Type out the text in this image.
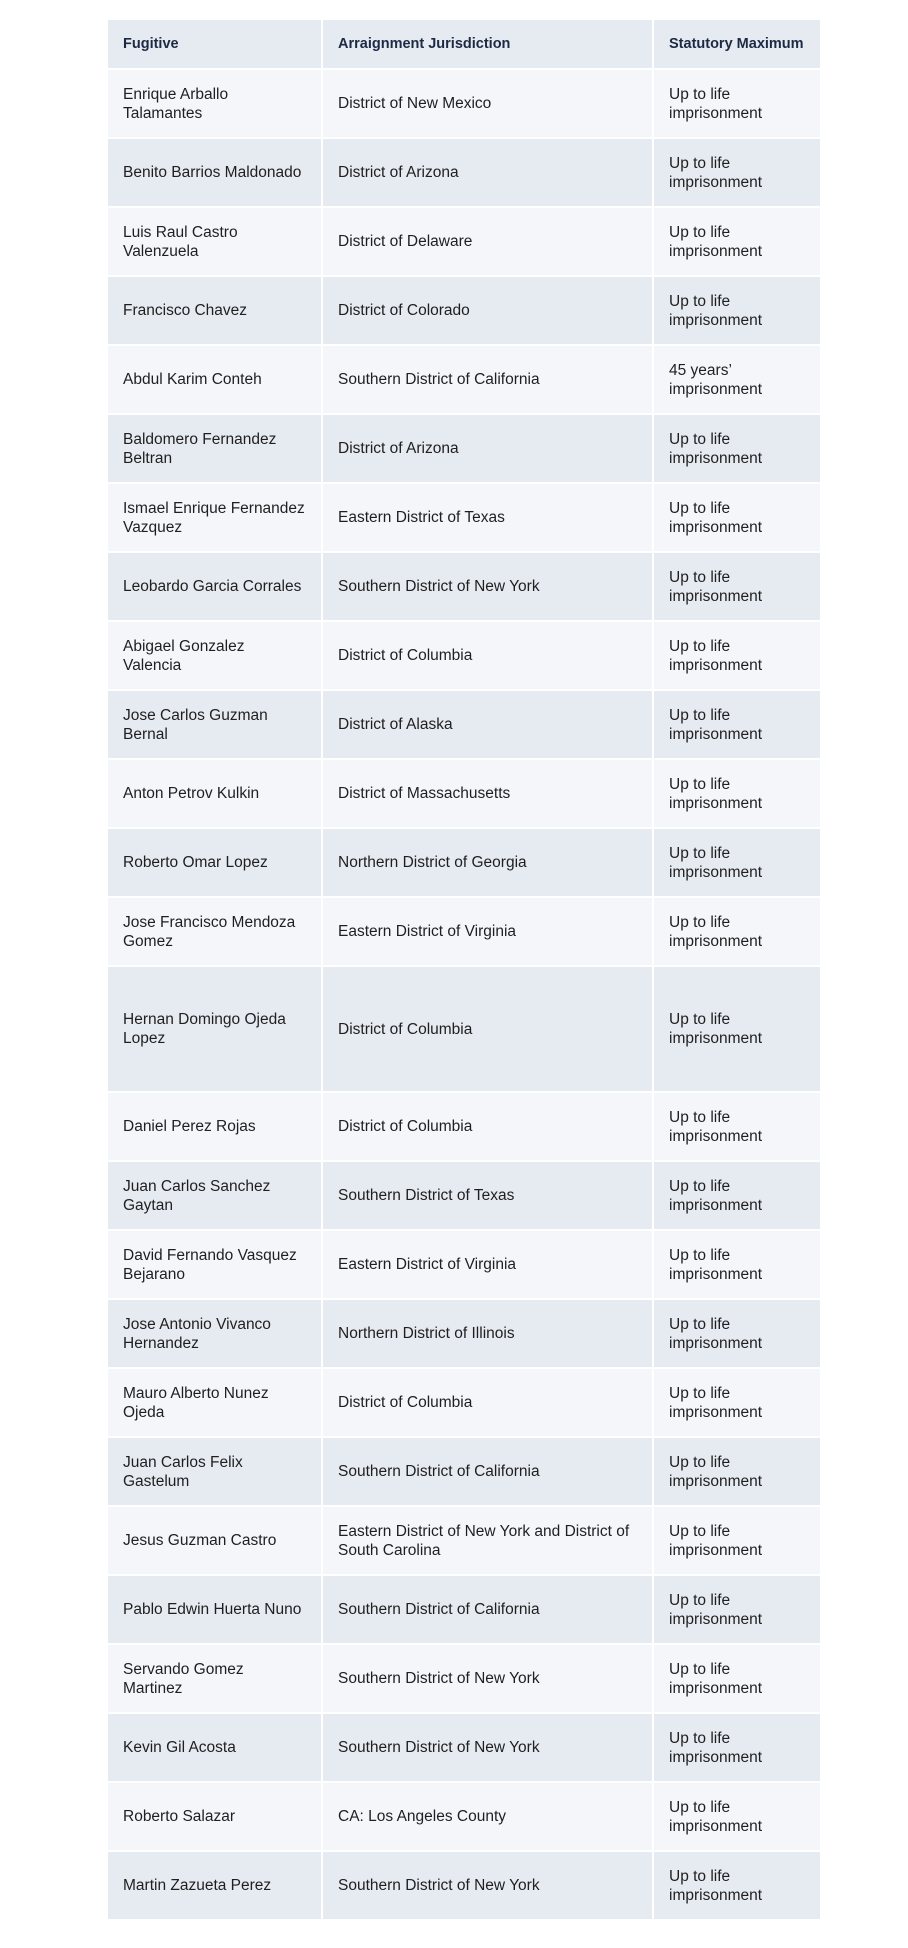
Fugitive	Arraignment Jurisdiction	Statutory Maximum
Enrique Arballo Talamantes	District of New Mexico	Up to life imprisonment
Benito Barrios Maldonado	District of Arizona	Up to life imprisonment
Luis Raul Castro Valenzuela	District of Delaware	Up to life imprisonment
Francisco Chavez	District of Colorado	Up to life imprisonment
Abdul Karim Conteh	Southern District of California	45 years’ imprisonment
Baldomero Fernandez Beltran	District of Arizona	Up to life imprisonment
Ismael Enrique Fernandez Vazquez	Eastern District of Texas	Up to life imprisonment
Leobardo Garcia Corrales	Southern District of New York	Up to life imprisonment
Abigael Gonzalez Valencia	District of Columbia	Up to life imprisonment
Jose Carlos Guzman Bernal	District of Alaska	Up to life imprisonment
Anton Petrov Kulkin	District of Massachusetts	Up to life imprisonment
Roberto Omar Lopez	Northern District of Georgia	Up to life imprisonment
Jose Francisco Mendoza Gomez	Eastern District of Virginia	Up to life imprisonment
Hernan Domingo Ojeda Lopez	District of Columbia	Up to life imprisonment
Daniel Perez Rojas	District of Columbia	Up to life imprisonment
Juan Carlos Sanchez Gaytan	Southern District of Texas	Up to life imprisonment
David Fernando Vasquez Bejarano	Eastern District of Virginia	Up to life imprisonment
Jose Antonio Vivanco Hernandez	Northern District of Illinois	Up to life imprisonment
Mauro Alberto Nunez Ojeda	District of Columbia	Up to life imprisonment
Juan Carlos Felix Gastelum	Southern District of California	Up to life imprisonment
Jesus Guzman Castro	Eastern District of New York and District of South Carolina	Up to life imprisonment
Pablo Edwin Huerta Nuno	Southern District of California	Up to life imprisonment
Servando Gomez Martinez	Southern District of New York	Up to life imprisonment
Kevin Gil Acosta	Southern District of New York	Up to life imprisonment
Roberto Salazar	CA: Los Angeles County	Up to life imprisonment
Martin Zazueta Perez	Southern District of New York	Up to life imprisonment
